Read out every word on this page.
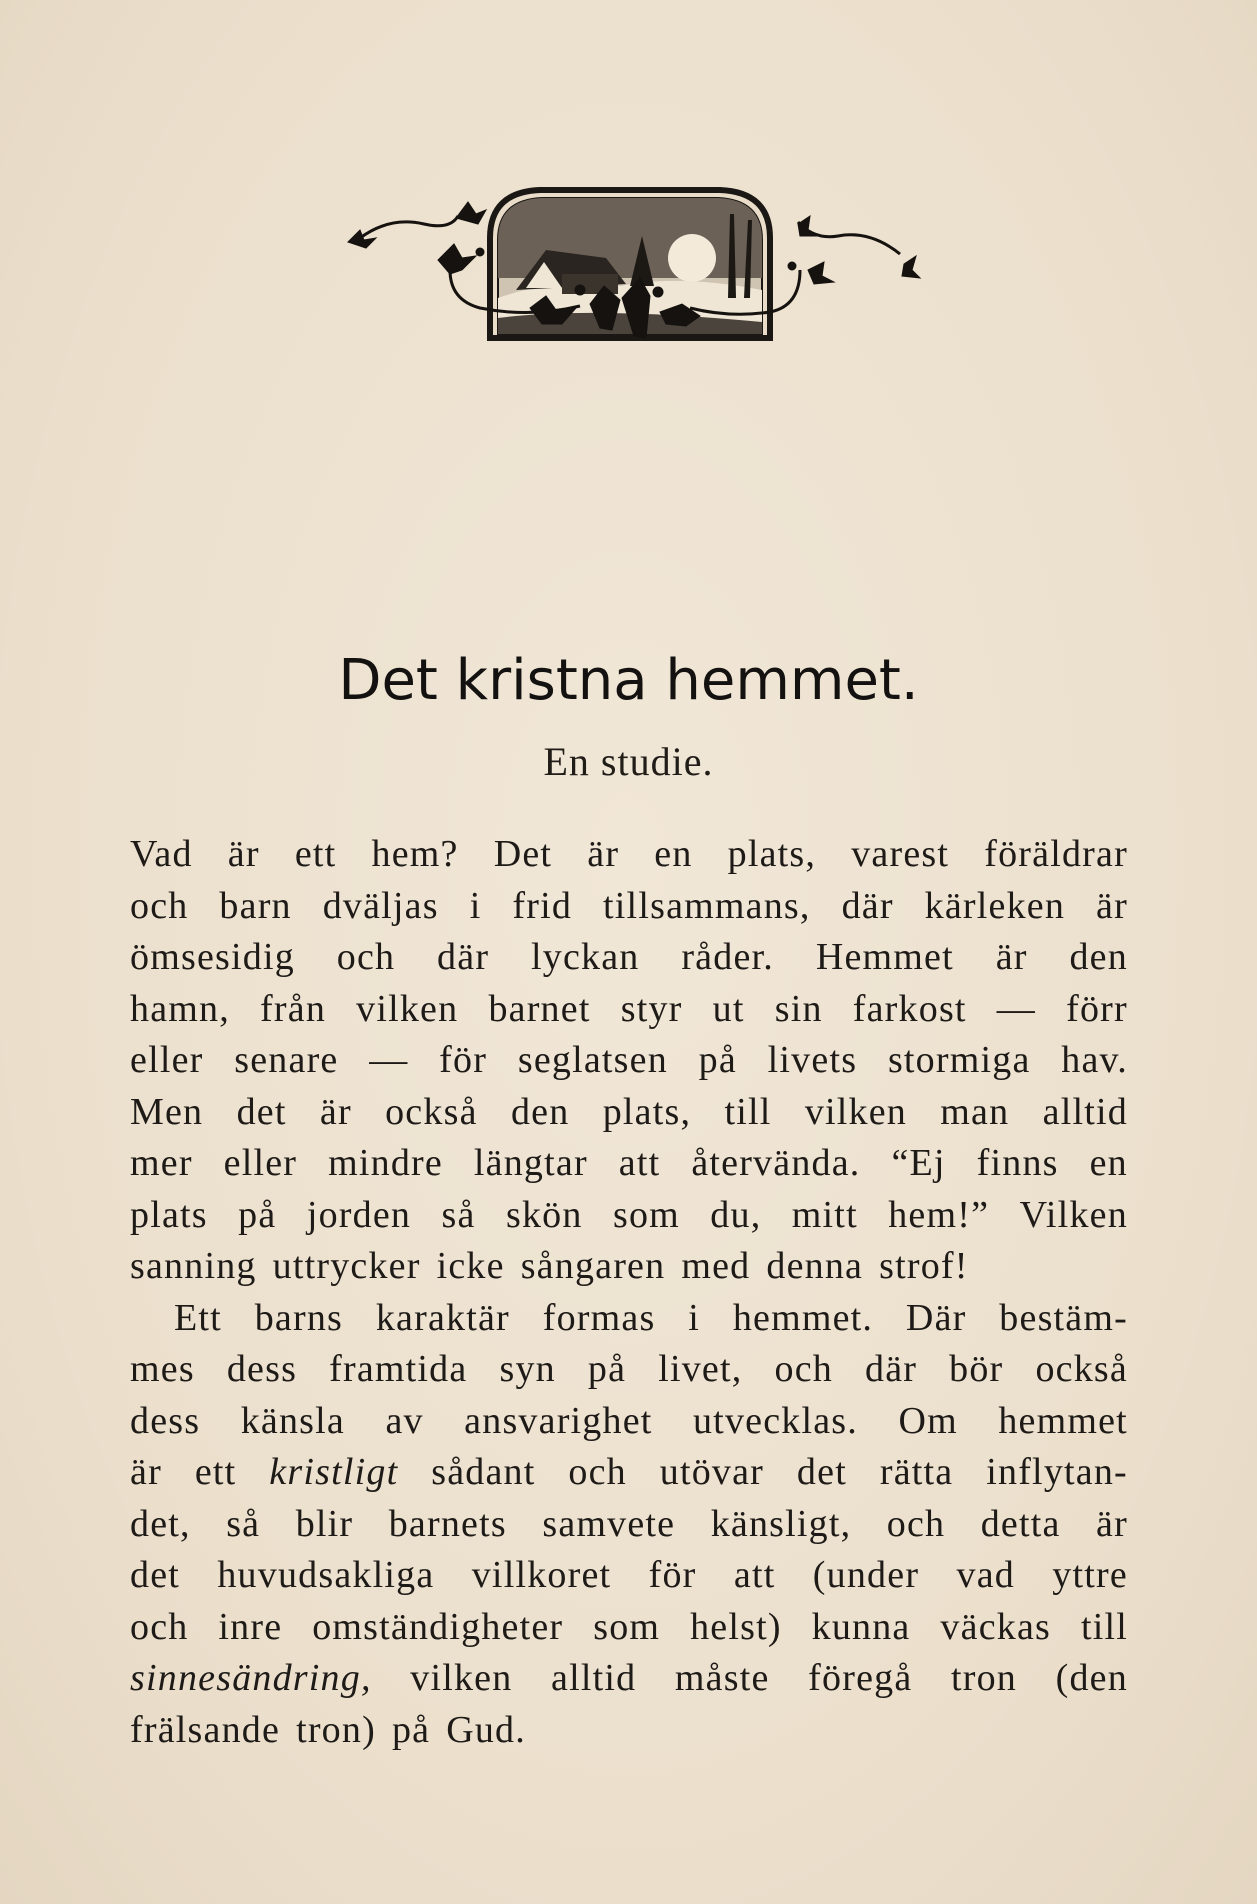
Det kristna hemmet.
En studie.
Vad är ett hem? Det är en plats, varest föräldrar
och barn dväljas i frid tillsammans, där kärleken är
ömsesidig och där lyckan råder. Hemmet är den
hamn, från vilken barnet styr ut sin farkost — förr
eller senare — för seglatsen på livets stormiga hav.
Men det är också den plats, till vilken man alltid
mer eller mindre längtar att återvända. “Ej finns en
plats på jorden så skön som du, mitt hem!” Vilken
sanning uttrycker icke sångaren med denna strof!
Ett barns karaktär formas i hemmet. Där bestäm-
mes dess framtida syn på livet, och där bör också
dess känsla av ansvarighet utvecklas. Om hemmet
är ett kristligt sådant och utövar det rätta inflytan-
det, så blir barnets samvete känsligt, och detta är
det huvudsakliga villkoret för att (under vad yttre
och inre omständigheter som helst) kunna väckas till
sinnesändring, vilken alltid måste föregå tron (den
frälsande tron) på Gud.
